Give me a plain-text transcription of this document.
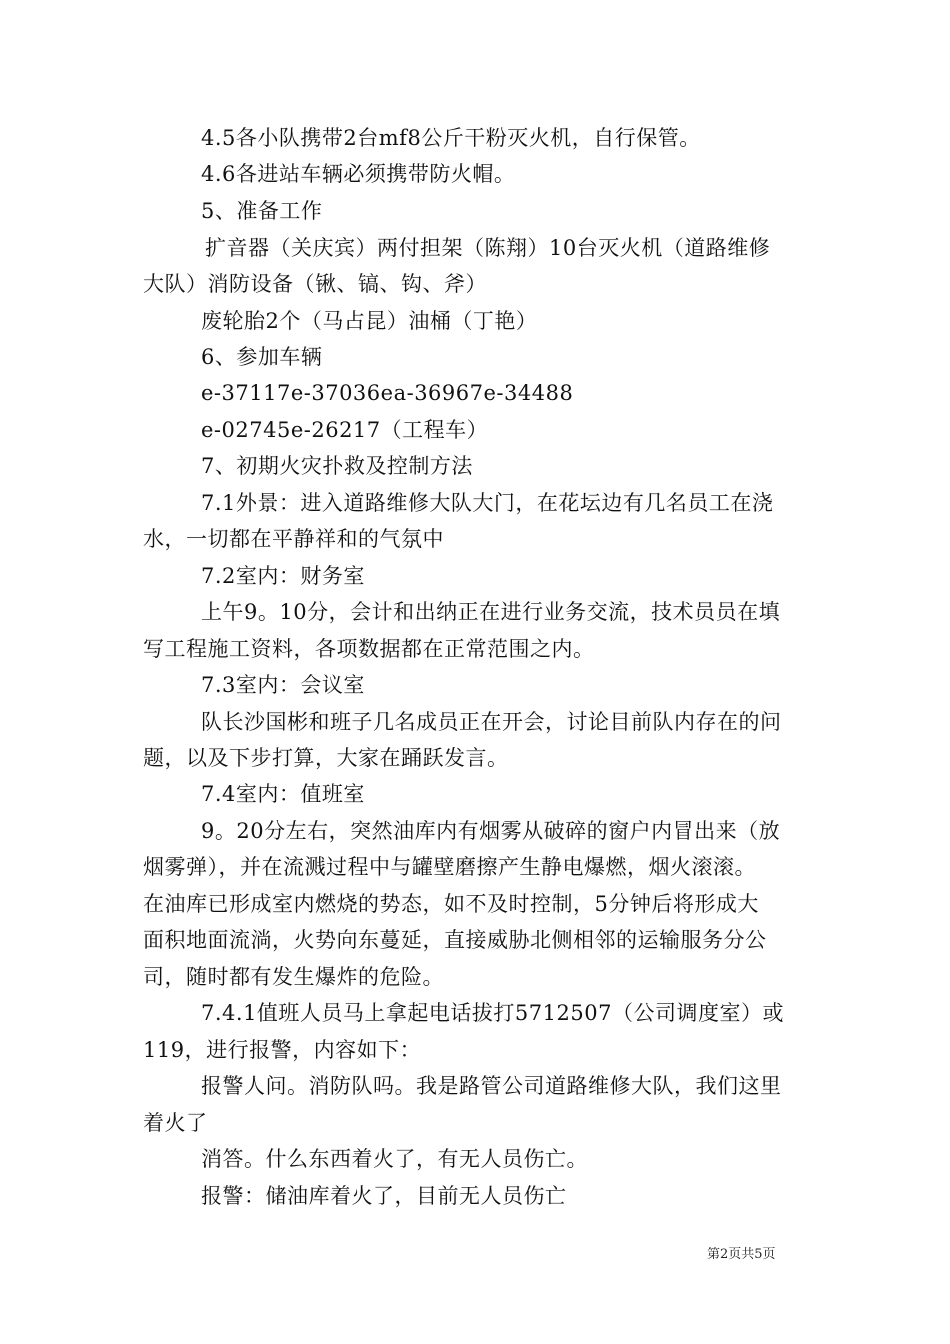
4.5各小队携带2台mf8公斤干粉灭火机，自行保管。
4.6各进站车辆必须携带防火帽。
5、准备工作
扩音器（关庆宾）两付担架（陈翔）10台灭火机（道路维修
大队）消防设备（锹、镐、钩、斧）
废轮胎2个（马占昆）油桶（丁艳）
6、参加车辆
e-37117e-37036ea-36967e-34488
e-02745e-26217（工程车）
7、初期火灾扑救及控制方法
7.1外景：进入道路维修大队大门，在花坛边有几名员工在浇
水，一切都在平静祥和的气氛中
7.2室内：财务室
上午9。10分，会计和出纳正在进行业务交流，技术员员在填
写工程施工资料，各项数据都在正常范围之内。
7.3室内：会议室
队长沙国彬和班子几名成员正在开会，讨论目前队内存在的问
题，以及下步打算，大家在踊跃发言。
7.4室内：值班室
9。20分左右，突然油库内有烟雾从破碎的窗户内冒出来（放
烟雾弹），并在流溅过程中与罐壁磨擦产生静电爆燃，烟火滚滚。
在油库已形成室内燃烧的势态，如不及时控制，5分钟后将形成大
面积地面流淌，火势向东蔓延，直接威胁北侧相邻的运输服务分公
司，随时都有发生爆炸的危险。
7.4.1值班人员马上拿起电话拔打5712507（公司调度室）或
119，进行报警，内容如下：
报警人问。消防队吗。我是路管公司道路维修大队，我们这里
着火了
消答。什么东西着火了，有无人员伤亡。
报警：储油库着火了，目前无人员伤亡
第2页共5页
